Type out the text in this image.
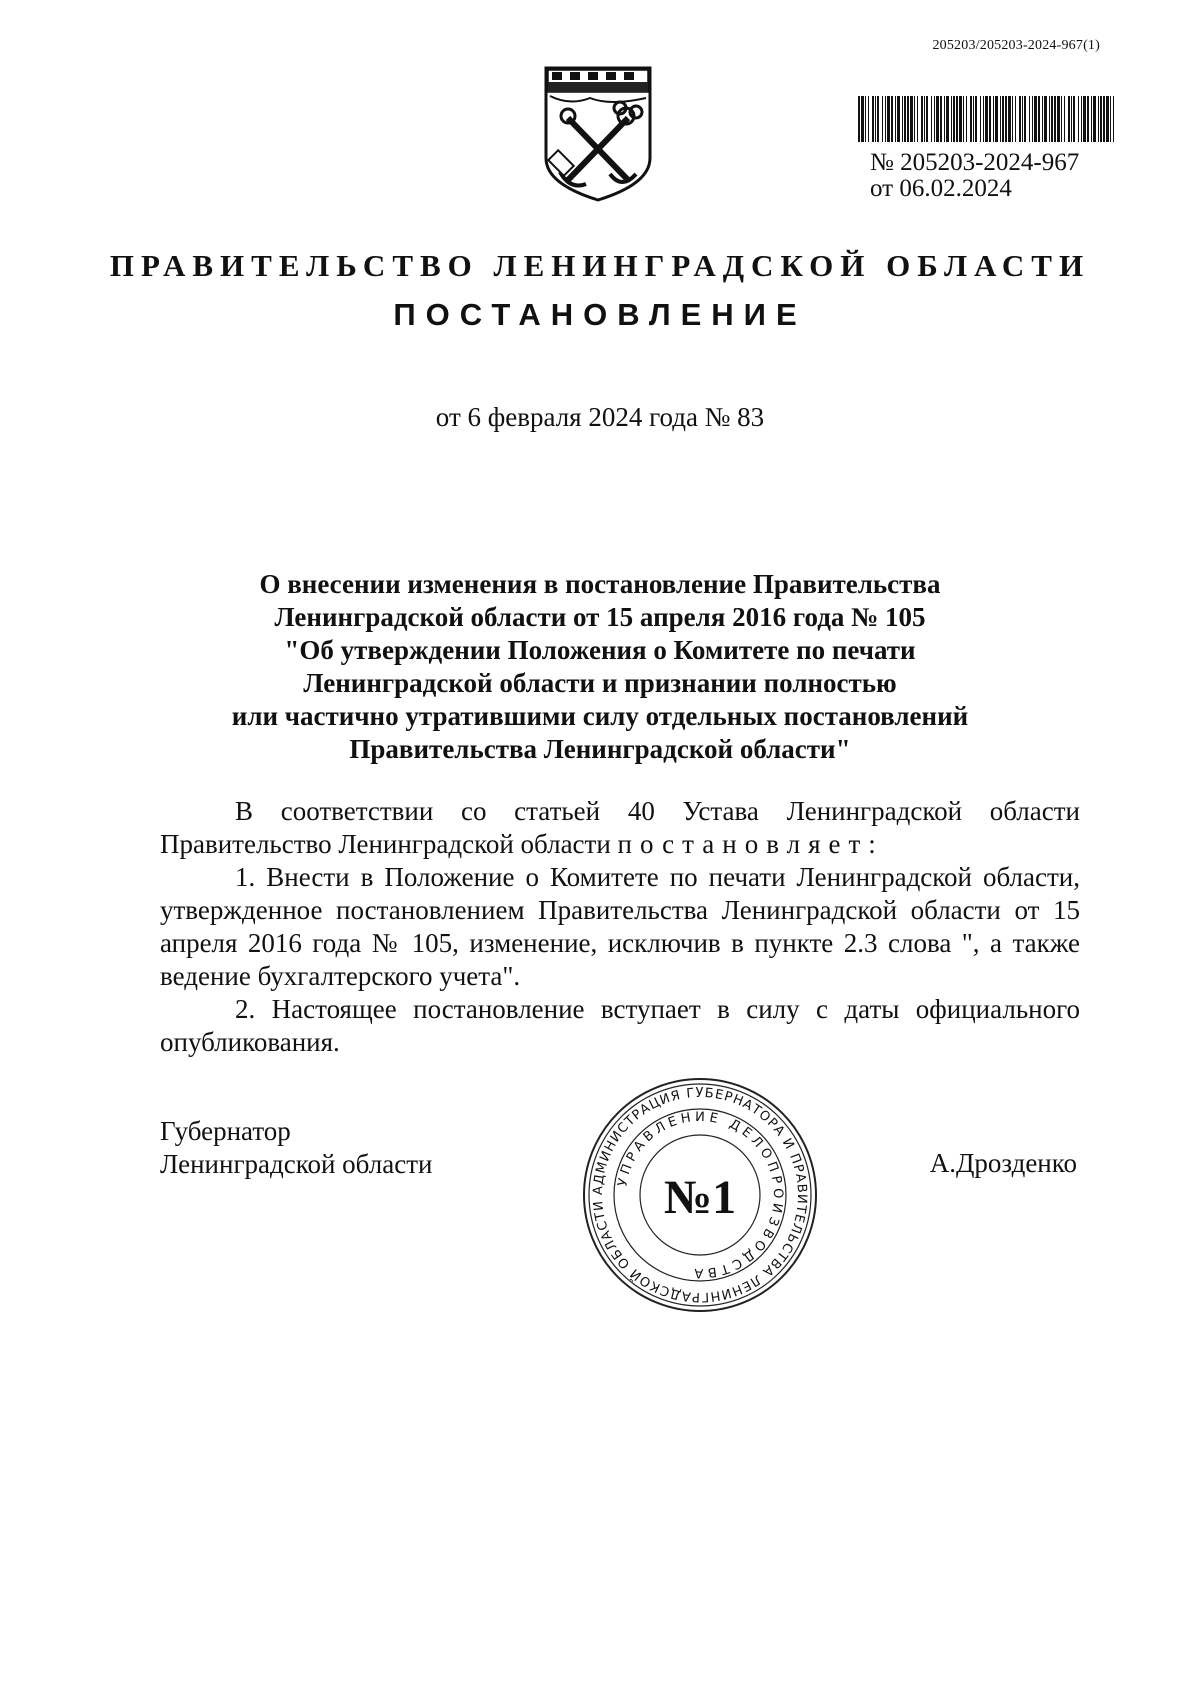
205203/205203-2024-967(1)
№ 205203-2024-967
от 06.02.2024
ПРАВИТЕЛЬСТВО ЛЕНИНГРАДСКОЙ ОБЛАСТИ
ПОСТАНОВЛЕНИЕ
от 6 февраля 2024 года № 83
О внесении изменения в постановление Правительства
Ленинградской области от 15 апреля 2016 года № 105
"Об утверждении Положения о Комитете по печати
Ленинградской области и признании полностью
или частично утратившими силу отдельных постановлений
Правительства Ленинградской области"

В соответствии со статьей 40 Устава Ленинградской области Правительство Ленинградской области постановляет:

1. Внести в Положение о Комитете по печати Ленинградской области, утвержденное постановлением Правительства Ленинградской области от 15 апреля 2016 года № 105, изменение, исключив в пункте 2.3 слова ", а также ведение бухгалтерского учета".

2. Настоящее постановление вступает в силу с даты официального опубликования.

Губернатор
Ленинградской области	А.Дрозденко
АДМИНИСТРАЦИЯ ГУБЕРНАТОРА И ПРАВИТЕЛЬСТВА ЛЕНИНГРАДСКОЙ ОБЛАСТИ
УПРАВЛЕНИЕ ДЕЛОПРОИЗВОДСТВА
№1
